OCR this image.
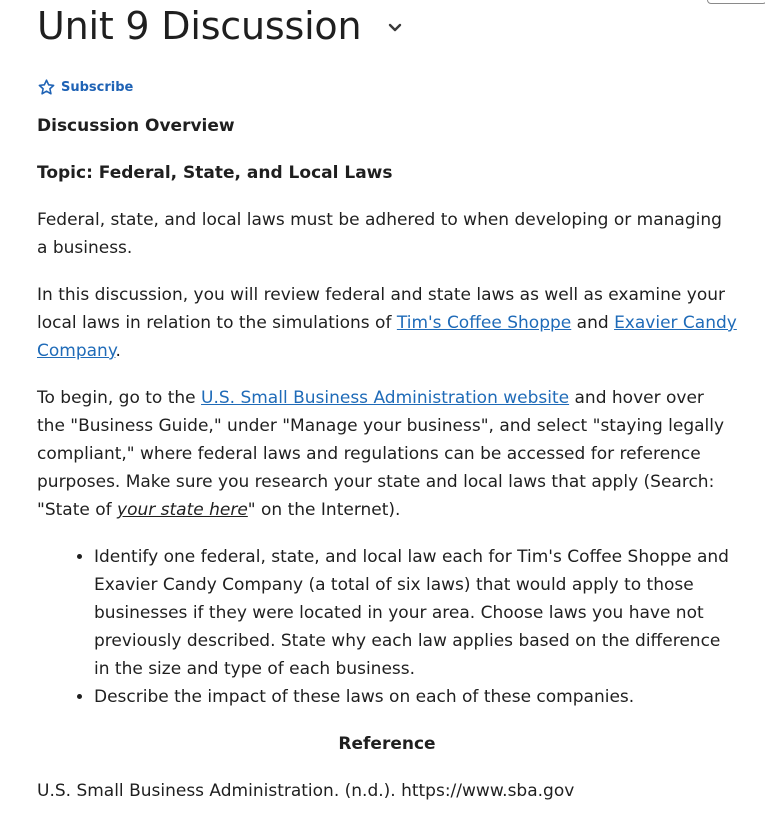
Unit 9 Discussion
Subscribe

Discussion Overview

Topic: Federal, State, and Local Laws

Federal, state, and local laws must be adhered to when developing or managing a business.

In this discussion, you will review federal and state laws as well as examine your local laws in relation to the simulations of Tim's Coffee Shoppe and Exavier Candy Company.

To begin, go to the U.S. Small Business Administration website and hover over the "Business Guide," under "Manage your business", and select "staying legally compliant," where federal laws and regulations can be accessed for reference purposes. Make sure you research your state and local laws that apply (Search: "State of your state here" on the Internet).

• Identify one federal, state, and local law each for Tim's Coffee Shoppe and Exavier Candy Company (a total of six laws) that would apply to those businesses if they were located in your area. Choose laws you have not previously described. State why each law applies based on the difference in the size and type of each business.
• Describe the impact of these laws on each of these companies.

Reference

U.S. Small Business Administration. (n.d.). https://www.sba.gov
